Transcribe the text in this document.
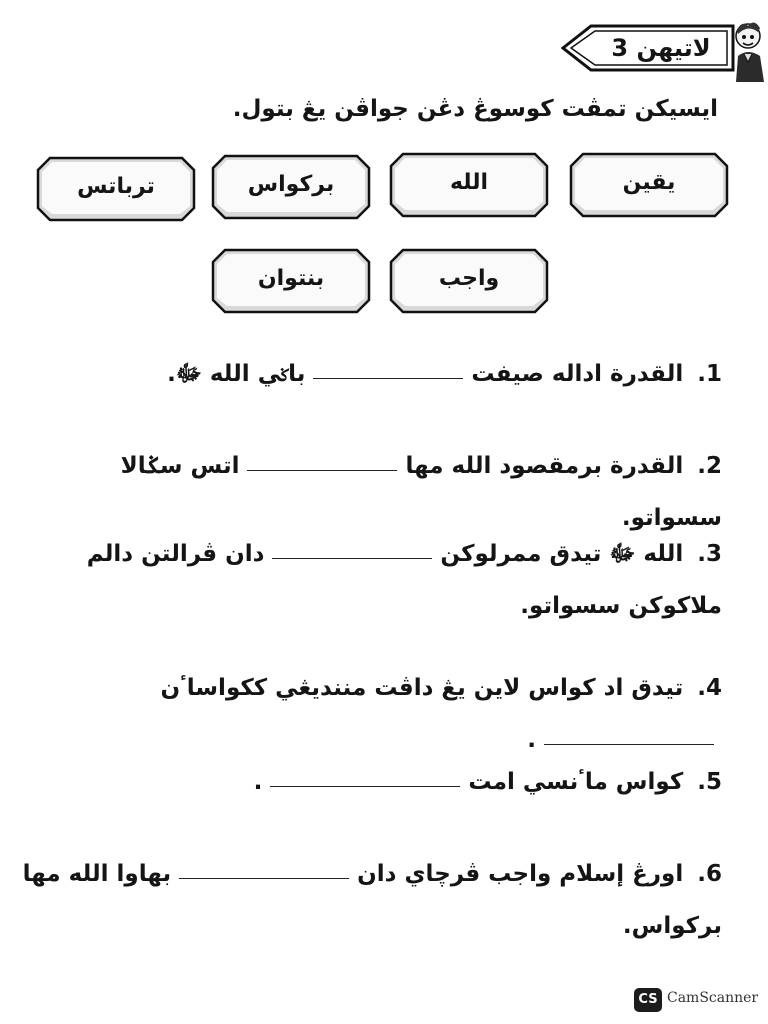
لاتيهن 3
ايسيكن تمڤت كوسوڠ دڠن جواڤن يڠ بتول.
يقين
الله
بركواس
ترباتس
واجب
بنتوان
1.القدرة اداله صيفتباݢي الله ﷻ.
2.القدرة برمقصود الله مهااتس سݢالا سسواتو.
3.الله ﷻ تيدق ممرلوكندان ڤرالتن دالم ملاكوكن سسواتو.
4.تيدق اد كواس لاين يڠ داڤت منندیڠي ككواساٴن.
5.كواس ماٴنسي امت.
6.اورڠ إسلام واجب ڤرچاي دانبهاوا الله مها بركواس.
CS CamScanner
